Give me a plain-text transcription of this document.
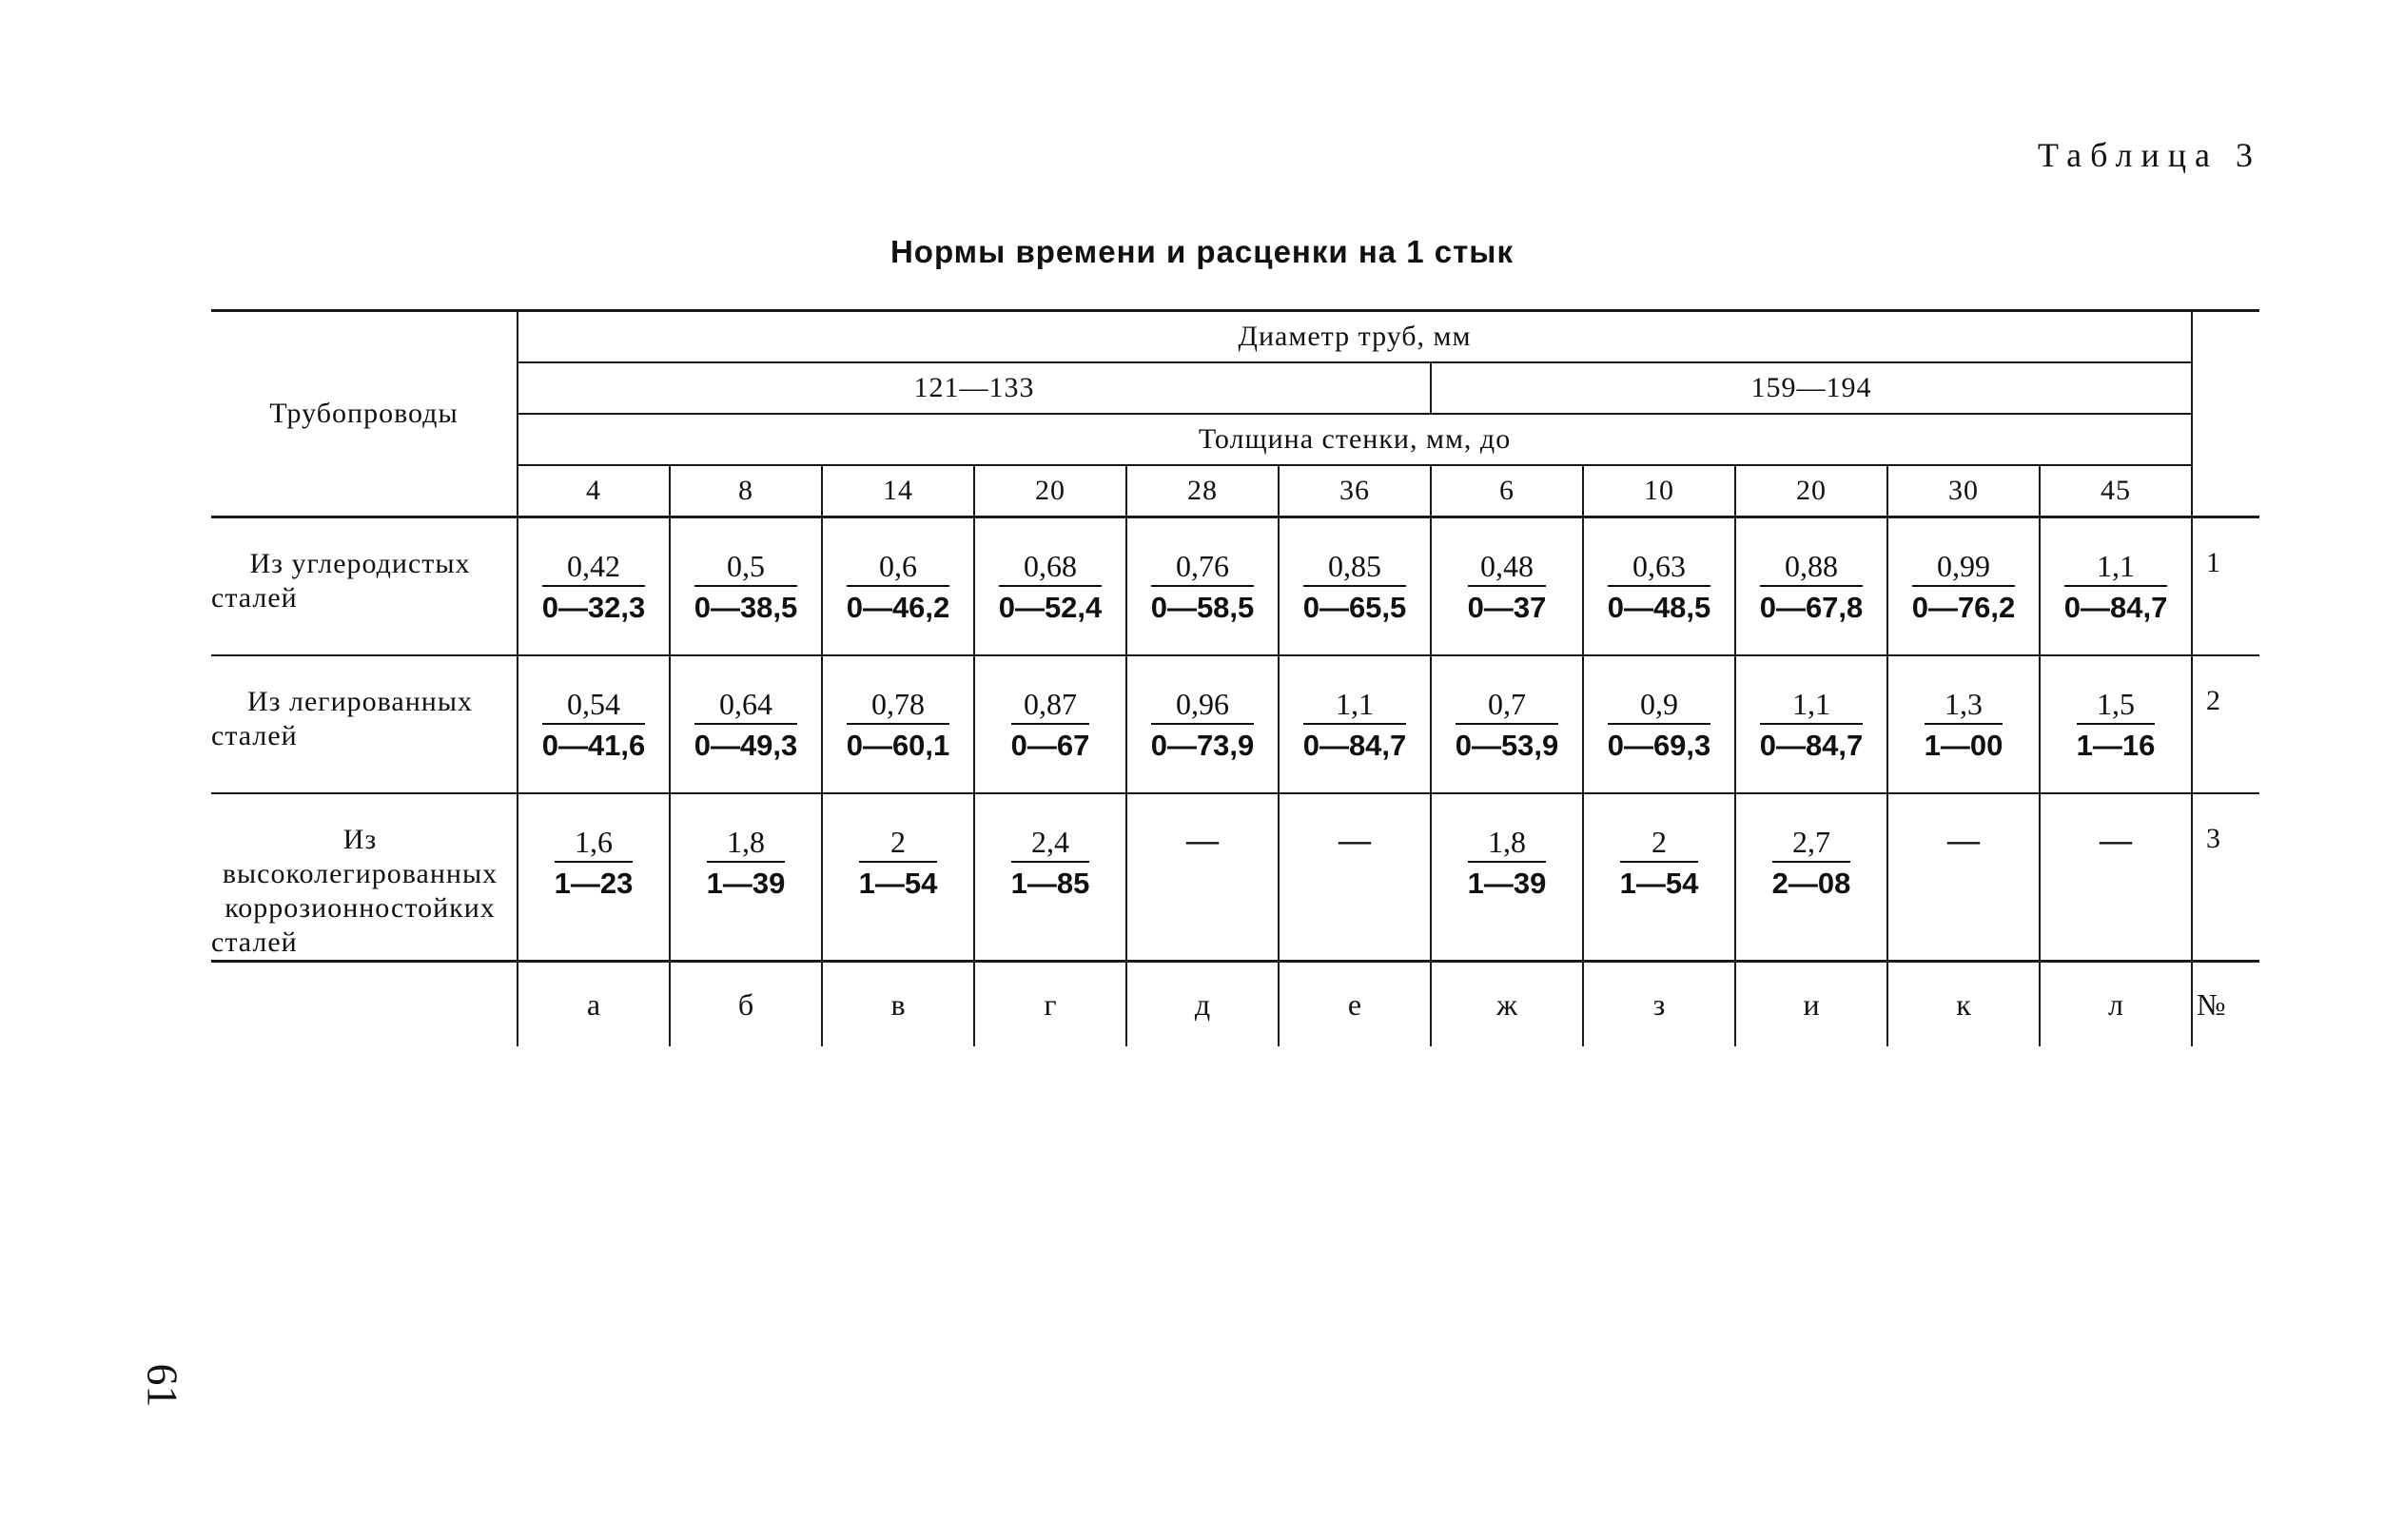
Таблица 3
Нормы времени и расценки на 1 стык
Трубопроводы	Диаметр труб, мм											
	121—133						159—194					
	Толщина стенки, мм, до											
	4	8	14	20	28	36	6	10	20	30	45	
Из углеродистых сталей	$\frac{0,42}{0—32,3}$	$\frac{0,5}{0—38,5}$	$\frac{0,6}{0—46,2}$	$\frac{0,68}{0—52,4}$	$\frac{0,76}{0—58,5}$	$\frac{0,85}{0—65,5}$	$\frac{0,48}{0—37}$	$\frac{0,63}{0—48,5}$	$\frac{0,88}{0—67,8}$	$\frac{0,99}{0—76,2}$	$\frac{1,1}{0—84,7}$	1
Из легированных сталей	$\frac{0,54}{0—41,6}$	$\frac{0,64}{0—49,3}$	$\frac{0,78}{0—60,1}$	$\frac{0,87}{0—67}$	$\frac{0,96}{0—73,9}$	$\frac{1,1}{0—84,7}$	$\frac{0,7}{0—53,9}$	$\frac{0,9}{0—69,3}$	$\frac{1,1}{0—84,7}$	$\frac{1,3}{1—00}$	$\frac{1,5}{1—16}$	2
Из высоколегированных коррозионностойких сталей	$\frac{1,6}{1—23}$	$\frac{1,8}{1—39}$	$\frac{2}{1—54}$	$\frac{2,4}{1—85}$	—	—	$\frac{1,8}{1—39}$	$\frac{2}{1—54}$	$\frac{2,7}{2—08}$	—	—	3
	а	б	в	г	д	е	ж	з	и	к	л	№
61
